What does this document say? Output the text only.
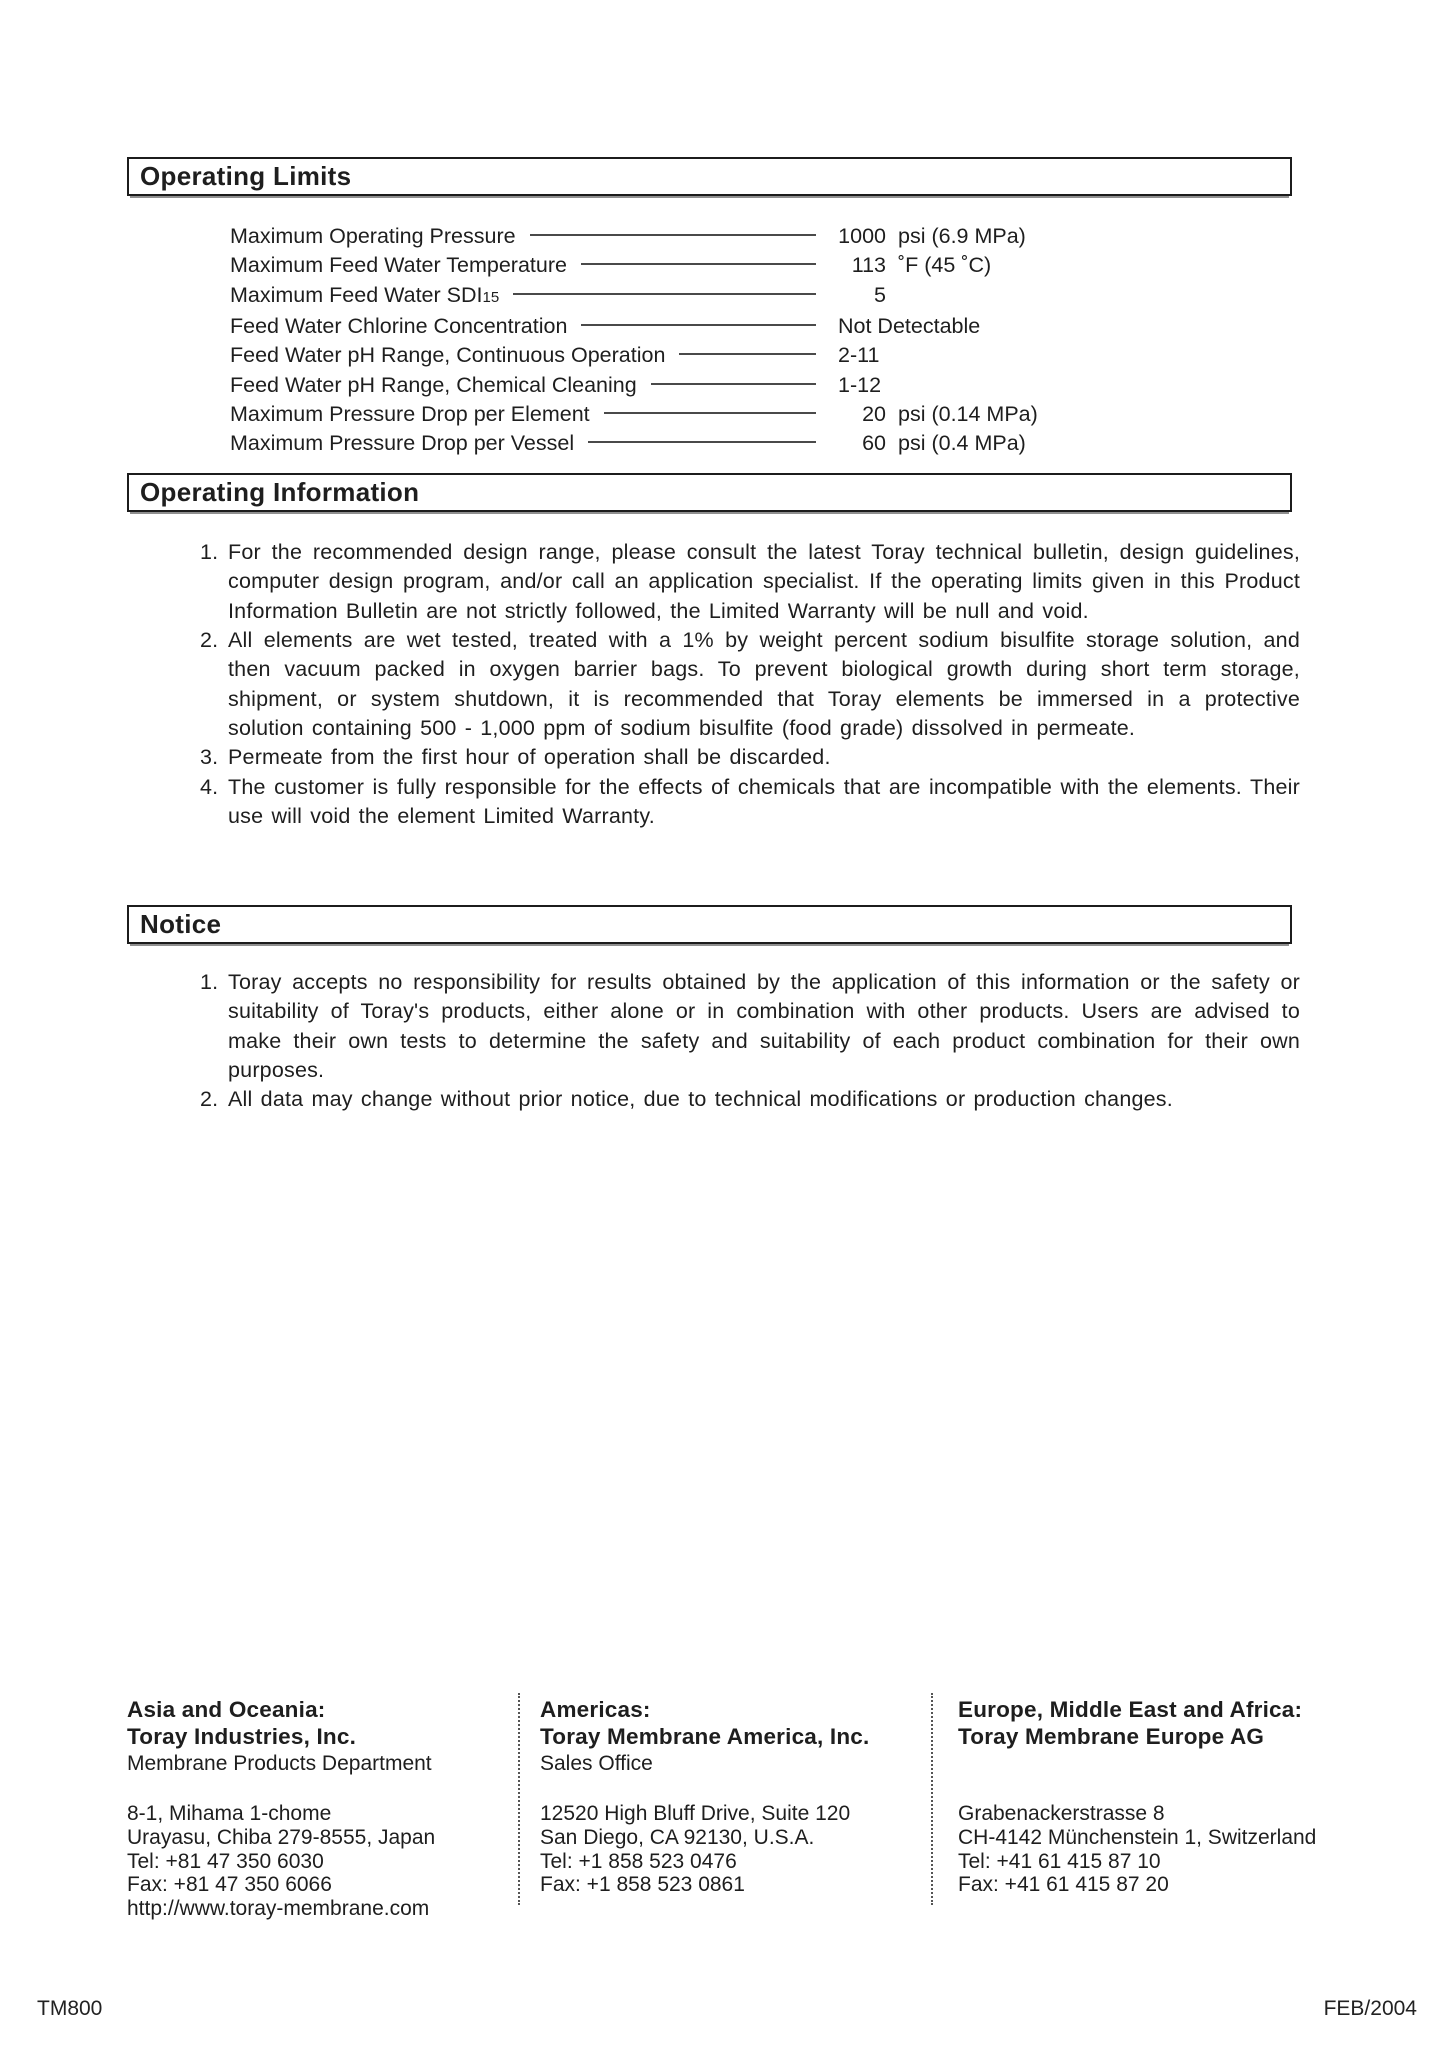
Operating Limits
Maximum Operating Pressure	1000 psi (6.9 MPa)
Maximum Feed Water Temperature	113 ˚F (45 ˚C)
Maximum Feed Water SDI15	5
Feed Water Chlorine Concentration	Not Detectable
Feed Water pH Range, Continuous Operation	2-11
Feed Water pH Range, Chemical Cleaning	1-12
Maximum Pressure Drop per Element	20 psi (0.14 MPa)
Maximum Pressure Drop per Vessel	60 psi (0.4 MPa)
Operating Information
1. For the recommended design range, please consult the latest Toray technical bulletin, design guidelines, computer design program, and/or call an application specialist. If the operating limits given in this Product Information Bulletin are not strictly followed, the Limited Warranty will be null and void.
2. All elements are wet tested, treated with a 1% by weight percent sodium bisulfite storage solution, and then vacuum packed in oxygen barrier bags. To prevent biological growth during short term storage, shipment, or system shutdown, it is recommended that Toray elements be immersed in a protective solution containing 500 - 1,000 ppm of sodium bisulfite (food grade) dissolved in permeate.
3. Permeate from the first hour of operation shall be discarded.
4. The customer is fully responsible for the effects of chemicals that are incompatible with the elements. Their use will void the element Limited Warranty.
Notice
1. Toray accepts no responsibility for results obtained by the application of this information or the safety or suitability of Toray's products, either alone or in combination with other products. Users are advised to make their own tests to determine the safety and suitability of each product combination for their own purposes.
2. All data may change without prior notice, due to technical modifications or production changes.
Asia and Oceania:
Toray Industries, Inc.
Membrane Products Department
8-1, Mihama 1-chome
Urayasu, Chiba 279-8555, Japan
Tel: +81 47 350 6030
Fax: +81 47 350 6066
http://www.toray-membrane.com
Americas:
Toray Membrane America, Inc.
Sales Office
12520 High Bluff Drive, Suite 120
San Diego, CA 92130, U.S.A.
Tel: +1 858 523 0476
Fax: +1 858 523 0861
Europe, Middle East and Africa:
Toray Membrane Europe AG
Grabenackerstrasse 8
CH-4142 Münchenstein 1, Switzerland
Tel: +41 61 415 87 10
Fax: +41 61 415 87 20
TM800	FEB/2004
